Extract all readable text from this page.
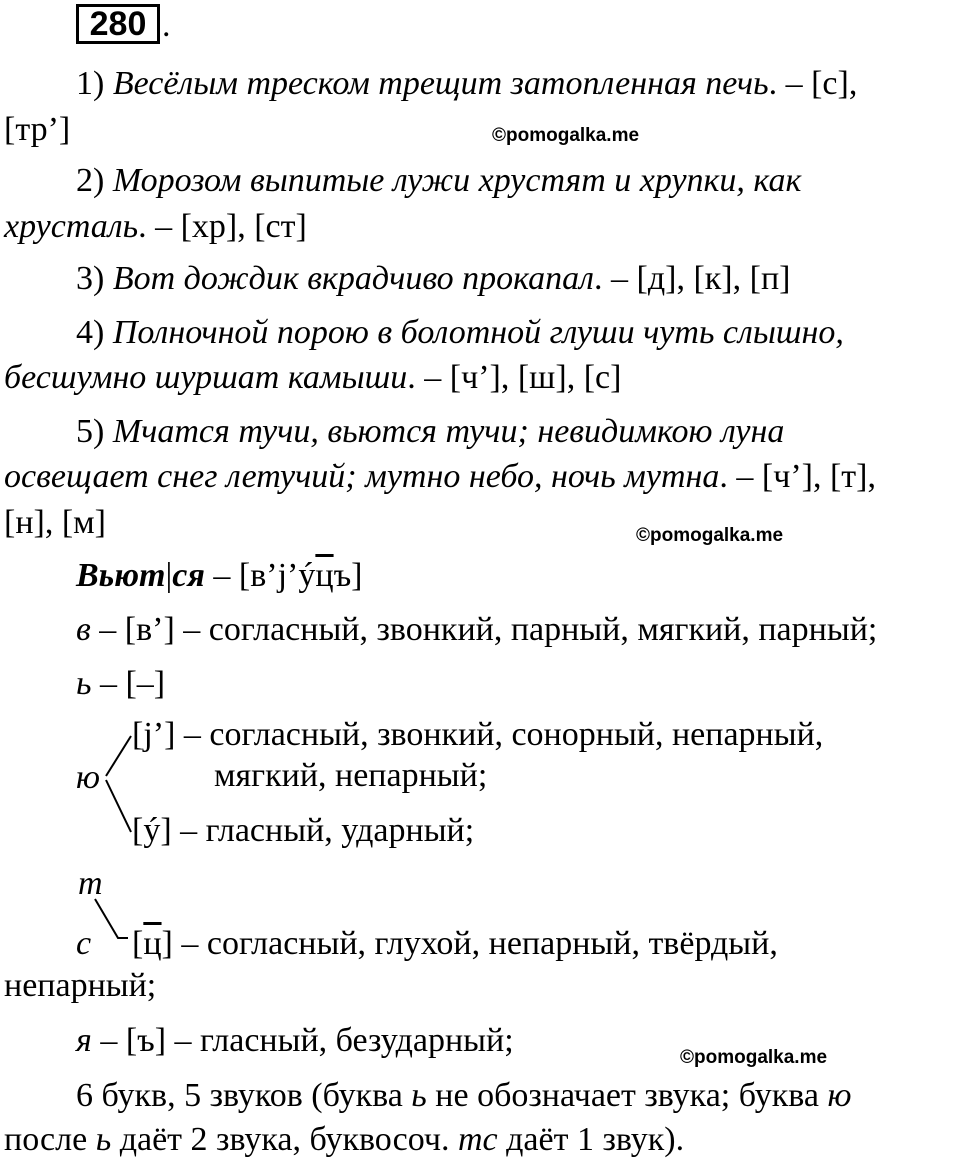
280 .
1) Весёлым треском трещит затопленная печь. – [с],
[тр’]	©pomogalka.me
2) Морозом выпитые лужи хрустят и хрупки, как
хрусталь. – [хр], [ст]
3) Вот дождик вкрадчиво прокапал. – [д], [к], [п]
4) Полночной порою в болотной глуши чуть слышно,
бесшумно шуршат камыши. – [ч’], [ш], [с]
5) Мчатся тучи, вьются тучи; невидимкою луна
освещает снег летучий; мутно небо, ночь мутна. – [ч’], [т],
[н], [м]	©pomogalka.me
Вьют|ся – [в’j’ýцъ]
в – [в’] – согласный, звонкий, парный, мягкий, парный;
ь – [–]
[j’] – согласный, звонкий, сонорный, непарный,
ю	мягкий, непарный;
[ý] – гласный, ударный;
т
с [ц] – согласный, глухой, непарный, твёрдый,
непарный;
я – [ъ] – гласный, безударный;	©pomogalka.me
6 букв, 5 звуков (буква ь не обозначает звука; буква ю
после ь даёт 2 звука, буквосоч. тс даёт 1 звук).
